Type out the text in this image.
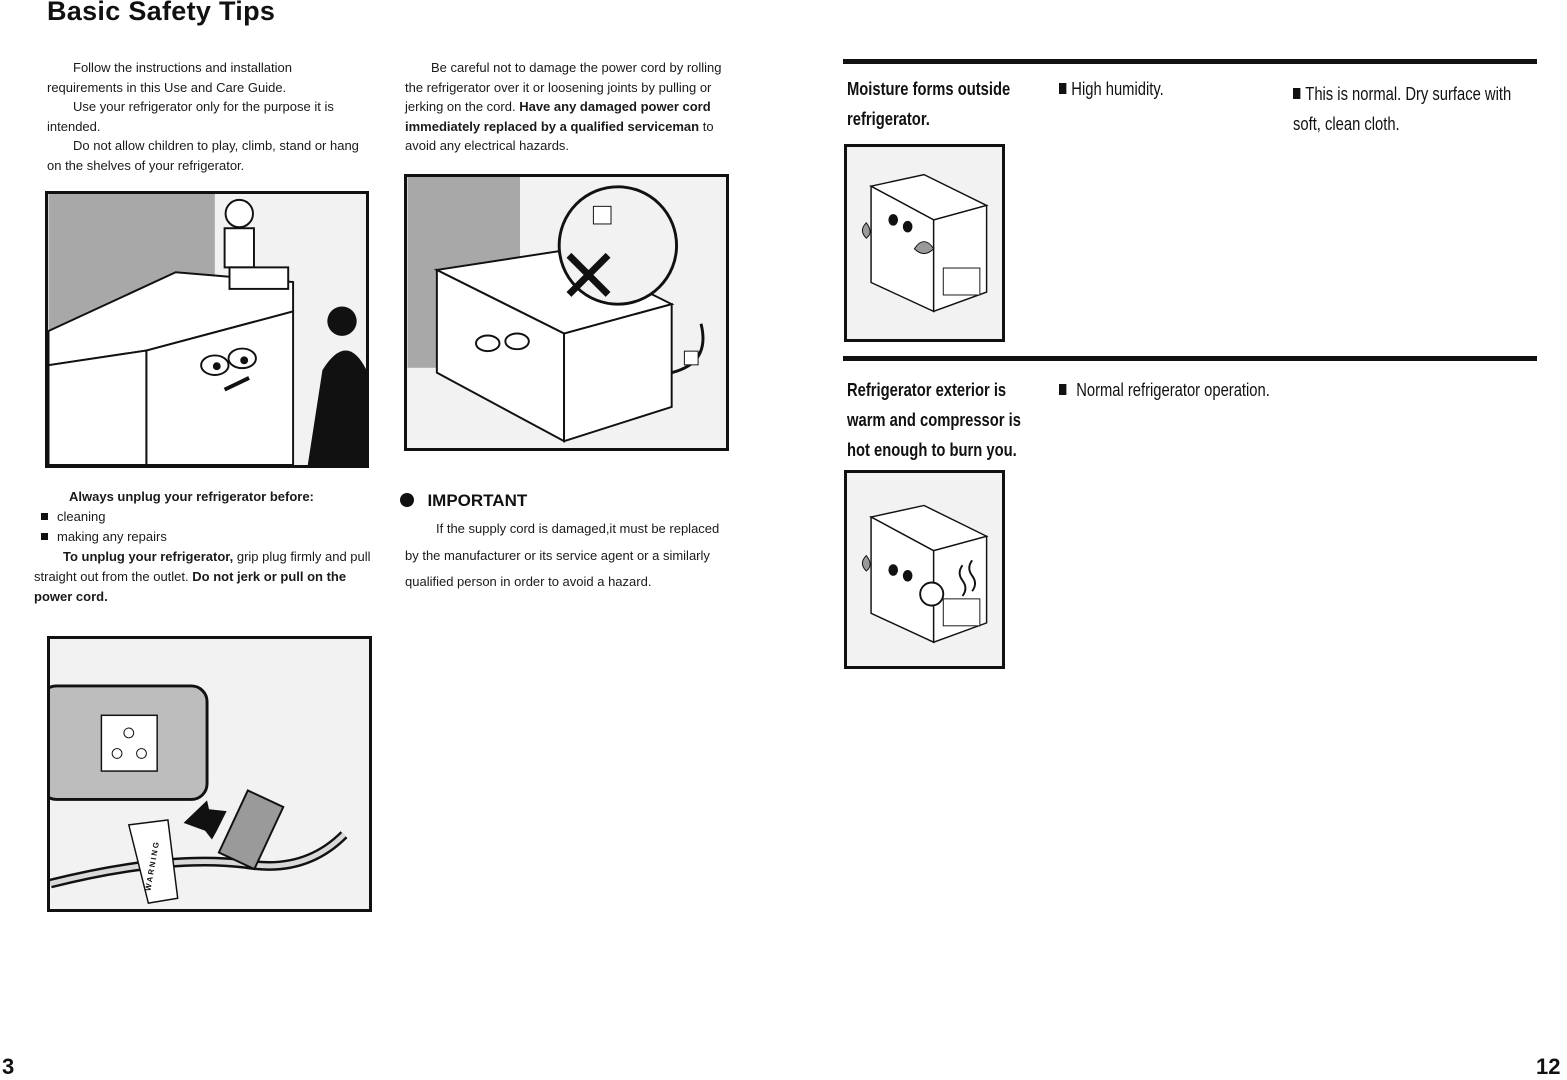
Basic Safety Tips
Follow the instructions and installation requirements in this Use and Care Guide.
Use your refrigerator only for the purpose it is intended.
Do not allow children to play, climb, stand or hang on the shelves of your refrigerator.
Be careful not to damage the power cord by rolling the refrigerator over it or loosening joints by pulling or jerking on the cord. Have any damaged power cord immediately replaced by a qualified serviceman to avoid any electrical hazards.
Always unplug your refrigerator before:
cleaning
making any repairs
To unplug your refrigerator, grip plug firmly and pull straight out from the outlet. Do not jerk or pull on the power cord.
IMPORTANT
If the supply cord is damaged,it must be replaced by the manufacturer or its service agent or a similarly qualified person in order to avoid a hazard.
WARNING
3
Moisture forms outside refrigerator.
High humidity.	This is normal. Dry surface with soft, clean cloth.
Refrigerator exterior is warm and compressor is hot enough to burn you.
Normal refrigerator operation.
12
